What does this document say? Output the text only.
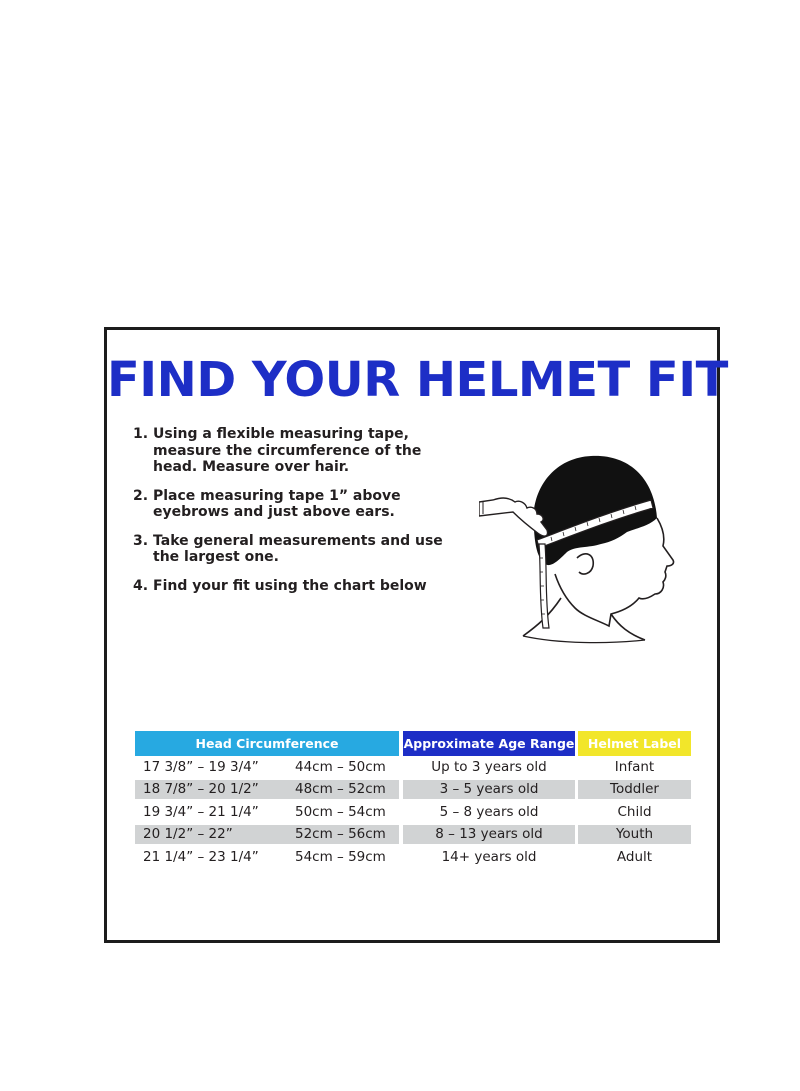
FIND YOUR HELMET FIT
1. Using a flexible measuring tape, measure the circumference of the head. Measure over hair.
2. Place measuring tape 1” above eyebrows and just above ears.
3. Take general measurements and use the largest one.
4. Find your fit using the chart below
Head Circumference	Approximate Age Range	Helmet Label
17 3/8” – 19 3/4”	44cm – 50cm	Up to 3 years old	Infant
18 7/8” – 20 1/2”	48cm – 52cm	3 – 5 years old	Toddler
19 3/4” – 21 1/4”	50cm – 54cm	5 – 8 years old	Child
20 1/2” – 22”	52cm – 56cm	8 – 13 years old	Youth
21 1/4” – 23 1/4”	54cm – 59cm	14+ years old	Adult
